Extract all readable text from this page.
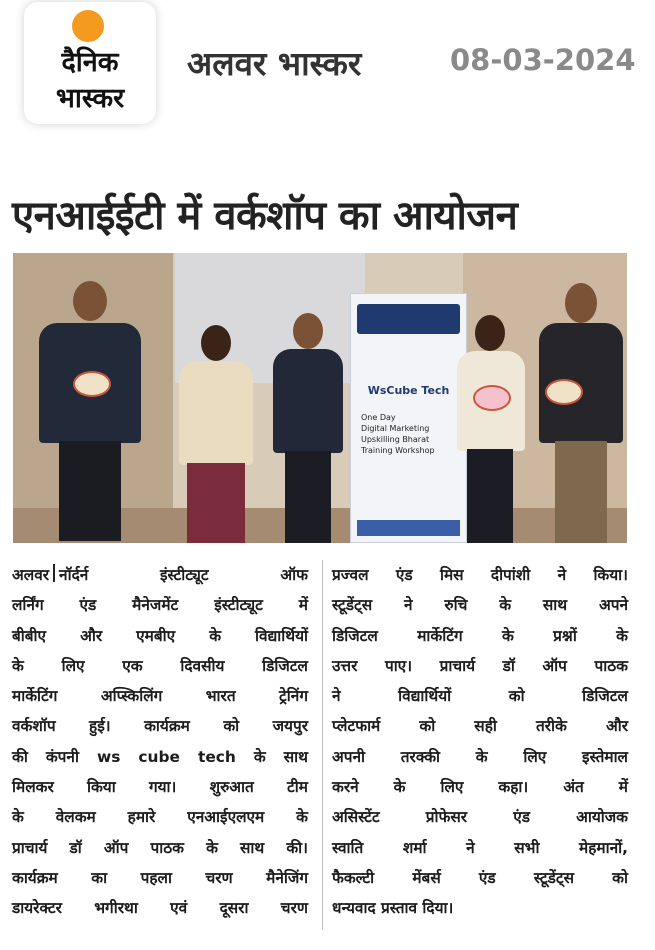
दैनिक
भास्कर
अलवर भास्कर	08-03-2024
एनआईईटी में वर्कशॉप का आयोजन
WsCube Tech
One Day
Digital Marketing
Upskilling Bharat
Training Workshop
अलवर नॉर्दर्न इंस्टीट्यूट ऑफ
लर्निंग एंड मैनेजमेंट इंस्टीट्यूट में
बीबीए और एमबीए के विद्यार्थियों
के लिए एक दिवसीय डिजिटल
मार्केटिंग अप्स्किलिंग भारत ट्रेनिंग
वर्कशॉप हुई। कार्यक्रम को जयपुर
की कंपनी ws cube tech के साथ
मिलकर किया गया। शुरुआत टीम
के वेलकम हमारे एनआईएलएम के
प्राचार्य डॉ ऑप पाठक के साथ की।
कार्यक्रम का पहला चरण मैनेजिंग
डायरेक्टर भगीरथा एवं दूसरा चरण
प्रज्वल एंड मिस दीपांशी ने किया।
स्टूडेंट्स ने रुचि के साथ अपने
डिजिटल मार्केटिंग के प्रश्नों के
उत्तर पाए। प्राचार्य डॉ ऑप पाठक
ने विद्यार्थियों को डिजिटल
प्लेटफार्म को सही तरीके और
अपनी तरक्की के लिए इस्तेमाल
करने के लिए कहा। अंत में
असिस्टेंट प्रोफेसर एंड आयोजक
स्वाति शर्मा ने सभी मेहमानों,
फैकल्टी मेंबर्स एंड स्टूडेंट्स को
धन्यवाद प्रस्ताव दिया।
